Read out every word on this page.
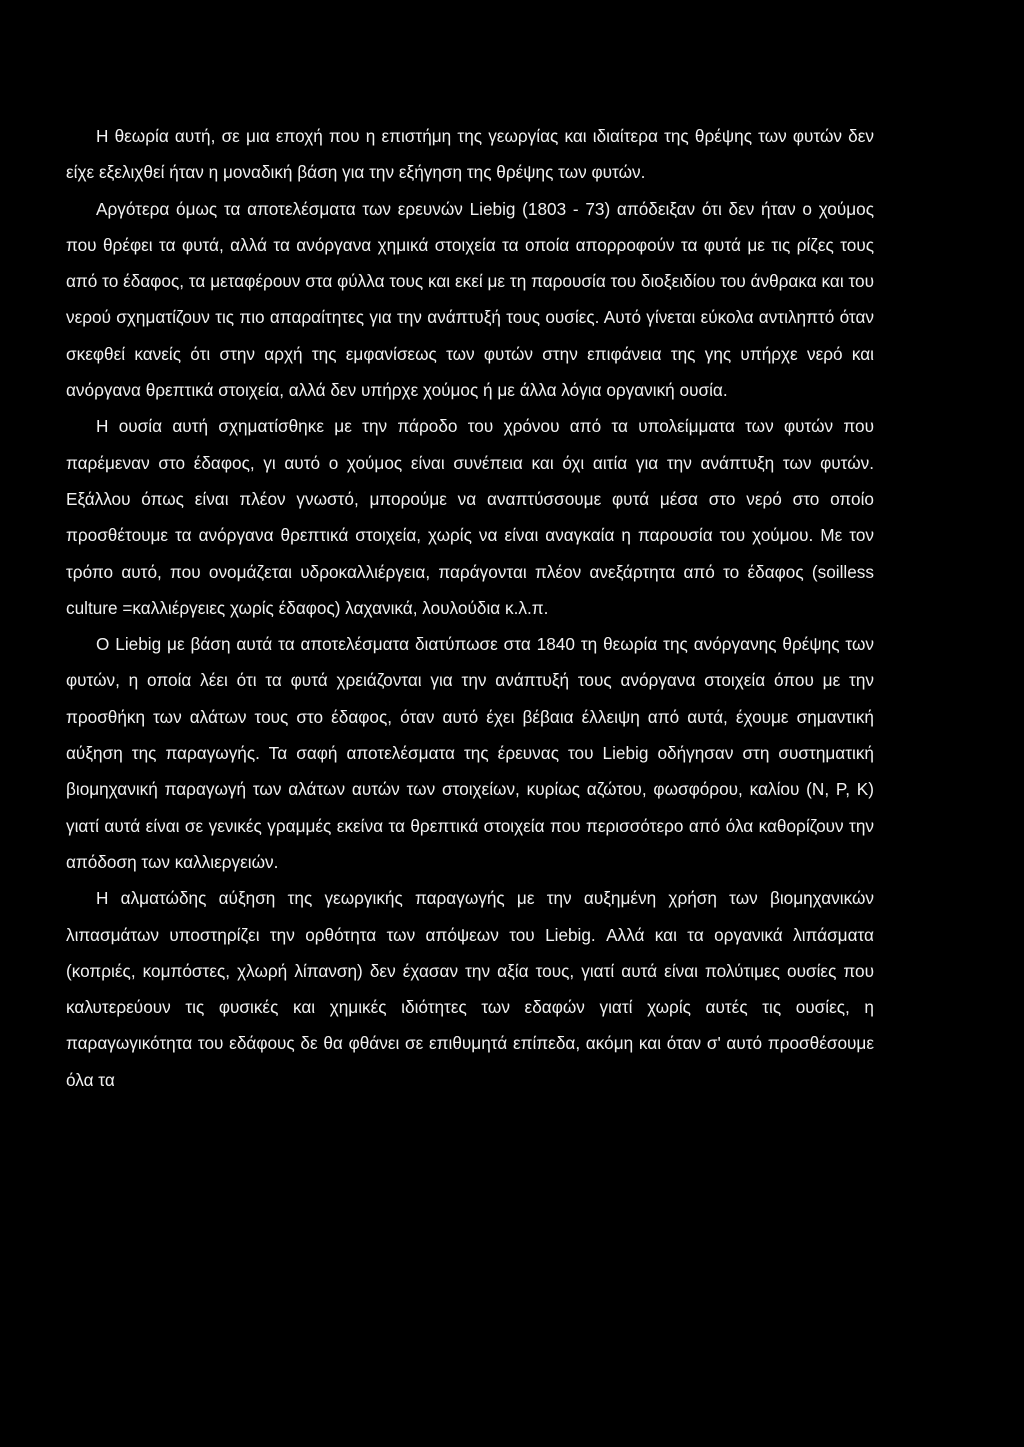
Η θεωρία αυτή, σε μια εποχή που η επιστήμη της γεωργίας και ιδιαίτερα της θρέψης των φυτών δεν είχε εξελιχθεί ήταν η μοναδική βάση για την εξήγηση της θρέψης των φυτών.

Αργότερα όμως τα αποτελέσματα των ερευνών Liebig (1803 - 73) απόδειξαν ότι δεν ήταν ο χούμος που θρέφει τα φυτά, αλλά τα ανόργανα χημικά στοιχεία τα οποία απορροφούν τα φυτά με τις ρίζες τους από το έδαφος, τα μεταφέρουν στα φύλλα τους και εκεί με τη παρουσία του διοξειδίου του άνθρακα και του νερού σχηματίζουν τις πιο απαραίτητες για την ανάπτυξή τους ουσίες. Αυτό γίνεται εύκολα αντιληπτό όταν σκεφθεί κανείς ότι στην αρχή της εμφανίσεως των φυτών στην επιφάνεια της γης υπήρχε νερό και ανόργανα θρεπτικά στοιχεία, αλλά δεν υπήρχε χούμος ή με άλλα λόγια οργανική ουσία.

Η ουσία αυτή σχηματίσθηκε με την πάροδο του χρόνου από τα υπολείμματα των φυτών που παρέμεναν στο έδαφος, γι αυτό ο χούμος είναι συνέπεια και όχι αιτία για την ανάπτυξη των φυτών. Εξάλλου όπως είναι πλέον γνωστό, μπορούμε να αναπτύσσουμε φυτά μέσα στο νερό στο οποίο προσθέτουμε τα ανόργανα θρεπτικά στοιχεία, χωρίς να είναι αναγκαία η παρουσία του χούμου. Με τον τρόπο αυτό, που ονομάζεται υδροκαλλιέργεια, παράγονται πλέον ανεξάρτητα από το έδαφος (soilless culture =καλλιέργειες χωρίς έδαφος) λαχανικά, λουλούδια κ.λ.π.

Ο Liebig με βάση αυτά τα αποτελέσματα διατύπωσε στα 1840 τη θεωρία της ανόργανης θρέψης των φυτών, η οποία λέει ότι τα φυτά χρειάζονται για την ανάπτυξή τους ανόργανα στοιχεία όπου με την προσθήκη των αλάτων τους στο έδαφος, όταν αυτό έχει βέβαια έλλειψη από αυτά, έχουμε σημαντική αύξηση της παραγωγής. Τα σαφή αποτελέσματα της έρευνας του Liebig οδήγησαν στη συστηματική βιομηχανική παραγωγή των αλάτων αυτών των στοιχείων, κυρίως αζώτου, φωσφόρου, καλίου (Ν, Ρ, Κ) γιατί αυτά είναι σε γενικές γραμμές εκείνα τα θρεπτικά στοιχεία που περισσότερο από όλα καθορίζουν την απόδοση των καλλιεργειών.

Η αλματώδης αύξηση της γεωργικής παραγωγής με την αυξημένη χρήση των βιομηχανικών λιπασμάτων υποστηρίζει την ορθότητα των απόψεων του Liebig. Αλλά και τα οργανικά λιπάσματα (κοπριές, κομπόστες, χλωρή λίπανση) δεν έχασαν την αξία τους, γιατί αυτά είναι πολύτιμες ουσίες που καλυτερεύουν τις φυσικές και χημικές ιδιότητες των εδαφών γιατί χωρίς αυτές τις ουσίες, η παραγωγικότητα του εδάφους δε θα φθάνει σε επιθυμητά επίπεδα, ακόμη και όταν σ' αυτό προσθέσουμε όλα τα
